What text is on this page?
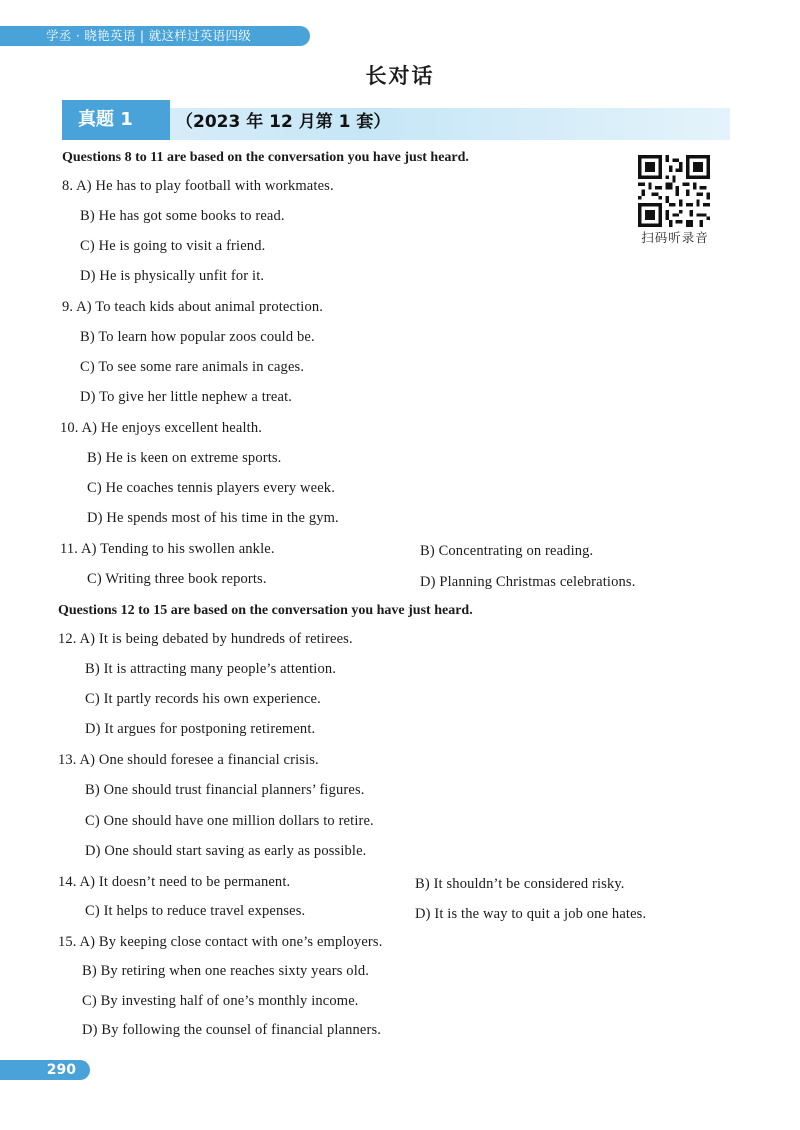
学丞 · 晓艳英语 | 就这样过英语四级
长对话
真题 1	（2023 年 12 月第 1 套）
扫码听录音
Questions 8 to 11 are based on the conversation you have just heard.
8. A) He has to play football with workmates.
B) He has got some books to read.
C) He is going to visit a friend.
D) He is physically unfit for it.
9. A) To teach kids about animal protection.
B) To learn how popular zoos could be.
C) To see some rare animals in cages.
D) To give her little nephew a treat.
10. A) He enjoys excellent health.
B) He is keen on extreme sports.
C) He coaches tennis players every week.
D) He spends most of his time in the gym.
11. A) Tending to his swollen ankle.	B) Concentrating on reading.
C) Writing three book reports.	D) Planning Christmas celebrations.
Questions 12 to 15 are based on the conversation you have just heard.
12. A) It is being debated by hundreds of retirees.
B) It is attracting many people’s attention.
C) It partly records his own experience.
D) It argues for postponing retirement.
13. A) One should foresee a financial crisis.
B) One should trust financial planners’ figures.
C) One should have one million dollars to retire.
D) One should start saving as early as possible.
14. A) It doesn’t need to be permanent.	B) It shouldn’t be considered risky.
C) It helps to reduce travel expenses.	D) It is the way to quit a job one hates.
15. A) By keeping close contact with one’s employers.
B) By retiring when one reaches sixty years old.
C) By investing half of one’s monthly income.
D) By following the counsel of financial planners.
290
